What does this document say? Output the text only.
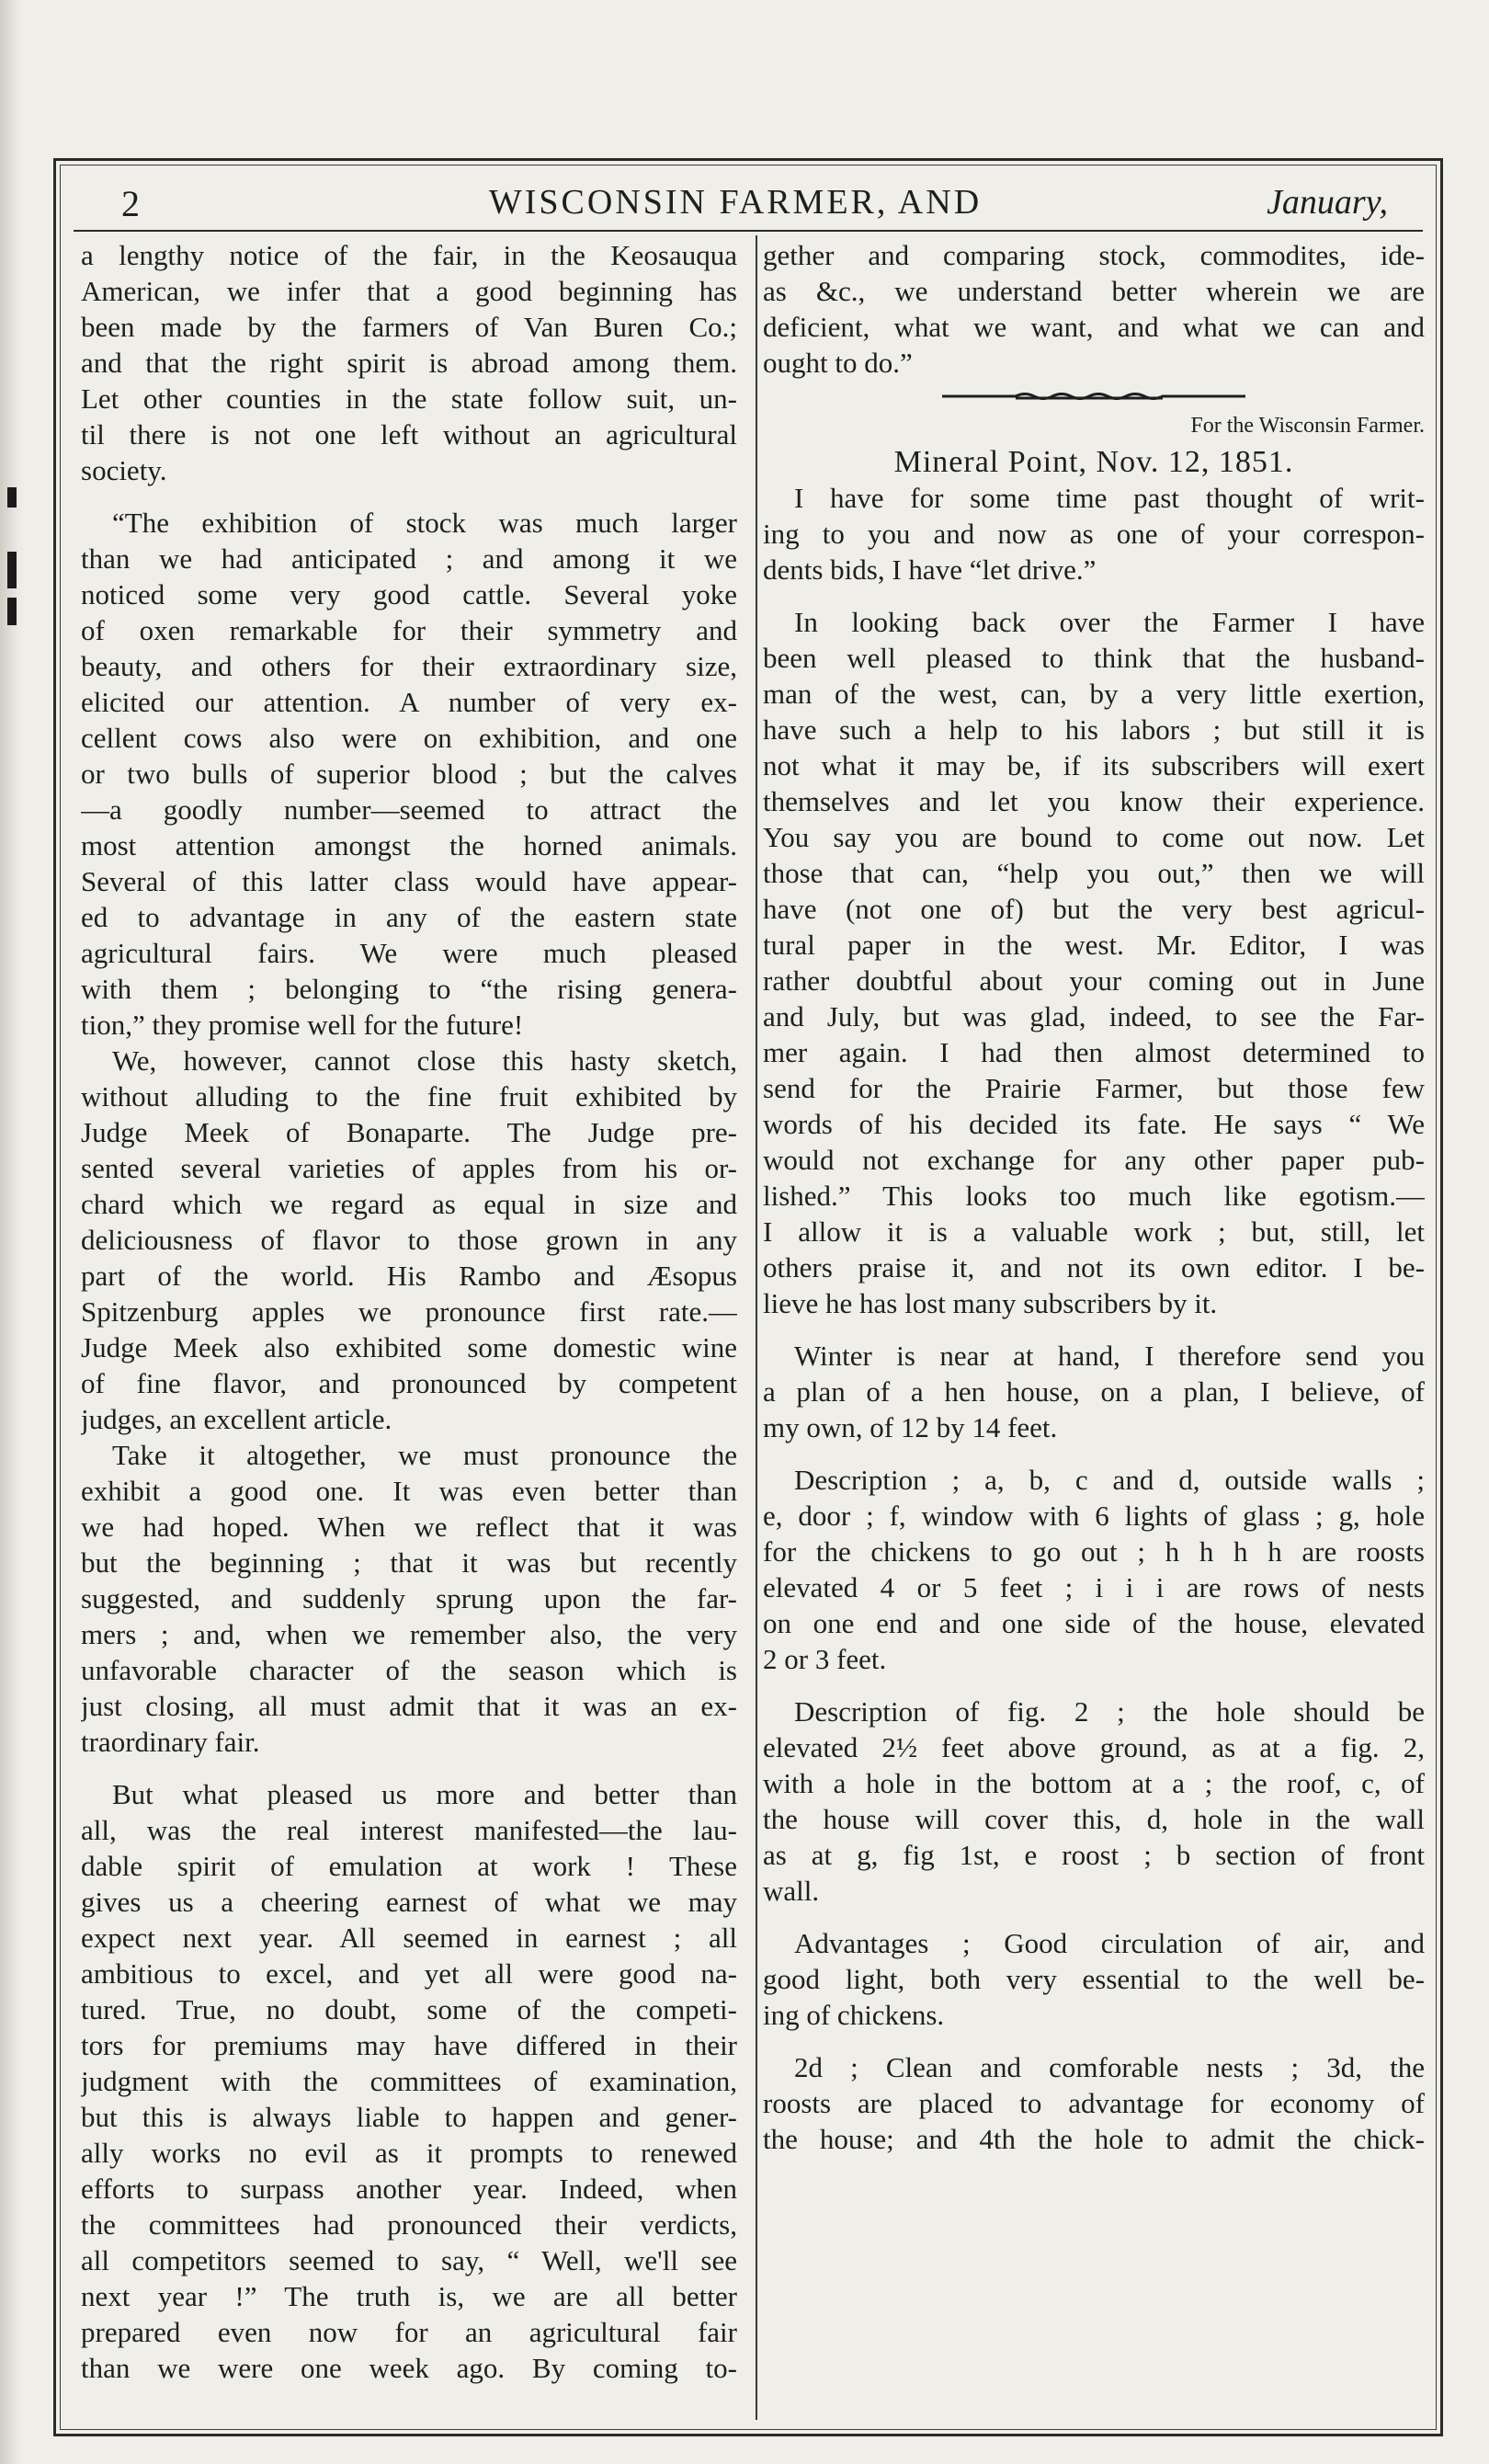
2	WISCONSIN FARMER, AND	January,

a lengthy notice of the fair, in the Keosauqua
American, we infer that a good beginning has
been made by the farmers of Van Buren Co.;
and that the right spirit is abroad among them.
Let other counties in the state follow suit, un-
til there is not one left without an agricultural
society.

“The exhibition of stock was much larger
than we had anticipated ; and among it we
noticed some very good cattle. Several yoke
of oxen remarkable for their symmetry and
beauty, and others for their extraordinary size,
elicited our attention. A number of very ex-
cellent cows also were on exhibition, and one
or two bulls of superior blood ; but the calves
—a goodly number—seemed to attract the
most attention amongst the horned animals.
Several of this latter class would have appear-
ed to advantage in any of the eastern state
agricultural fairs. We were much pleased
with them ; belonging to “the rising genera-
tion,” they promise well for the future!

We, however, cannot close this hasty sketch,
without alluding to the fine fruit exhibited by
Judge Meek of Bonaparte. The Judge pre-
sented several varieties of apples from his or-
chard which we regard as equal in size and
deliciousness of flavor to those grown in any
part of the world. His Rambo and Æsopus
Spitzenburg apples we pronounce first rate.—
Judge Meek also exhibited some domestic wine
of fine flavor, and pronounced by competent
judges, an excellent article.

Take it altogether, we must pronounce the
exhibit a good one. It was even better than
we had hoped. When we reflect that it was
but the beginning ; that it was but recently
suggested, and suddenly sprung upon the far-
mers ; and, when we remember also, the very
unfavorable character of the season which is
just closing, all must admit that it was an ex-
traordinary fair.

But what pleased us more and better than
all, was the real interest manifested—the lau-
dable spirit of emulation at work ! These
gives us a cheering earnest of what we may
expect next year. All seemed in earnest ; all
ambitious to excel, and yet all were good na-
tured. True, no doubt, some of the competi-
tors for premiums may have differed in their
judgment with the committees of examination,
but this is always liable to happen and gener-
ally works no evil as it prompts to renewed
efforts to surpass another year. Indeed, when
the committees had pronounced their verdicts,
all competitors seemed to say, “ Well, we'll see
next year !” The truth is, we are all better
prepared even now for an agricultural fair
than we were one week ago. By coming to-

gether and comparing stock, commodites, ide-
as &c., we understand better wherein we are
deficient, what we want, and what we can and
ought to do.”

For the Wisconsin Farmer.
Mineral Point, Nov. 12, 1851.

I have for some time past thought of writ-
ing to you and now as one of your correspon-
dents bids, I have “let drive.”

In looking back over the Farmer I have
been well pleased to think that the husband-
man of the west, can, by a very little exertion,
have such a help to his labors ; but still it is
not what it may be, if its subscribers will exert
themselves and let you know their experience.
You say you are bound to come out now. Let
those that can, “help you out,” then we will
have (not one of) but the very best agricul-
tural paper in the west. Mr. Editor, I was
rather doubtful about your coming out in June
and July, but was glad, indeed, to see the Far-
mer again. I had then almost determined to
send for the Prairie Farmer, but those few
words of his decided its fate. He says “ We
would not exchange for any other paper pub-
lished.” This looks too much like egotism.—
I allow it is a valuable work ; but, still, let
others praise it, and not its own editor. I be-
lieve he has lost many subscribers by it.

Winter is near at hand, I therefore send you
a plan of a hen house, on a plan, I believe, of
my own, of 12 by 14 feet.

Description ; a, b, c and d, outside walls ;
e, door ; f, window with 6 lights of glass ; g, hole
for the chickens to go out ; h h h h are roosts
elevated 4 or 5 feet ; i i i are rows of nests
on one end and one side of the house, elevated
2 or 3 feet.

Description of fig. 2 ; the hole should be
elevated 2½ feet above ground, as at a fig. 2,
with a hole in the bottom at a ; the roof, c, of
the house will cover this, d, hole in the wall
as at g, fig 1st, e roost ; b section of front
wall.

Advantages ; Good circulation of air, and
good light, both very essential to the well be-
ing of chickens.

2d ; Clean and comforable nests ; 3d, the
roosts are placed to advantage for economy of
the house; and 4th the hole to admit the chick-
